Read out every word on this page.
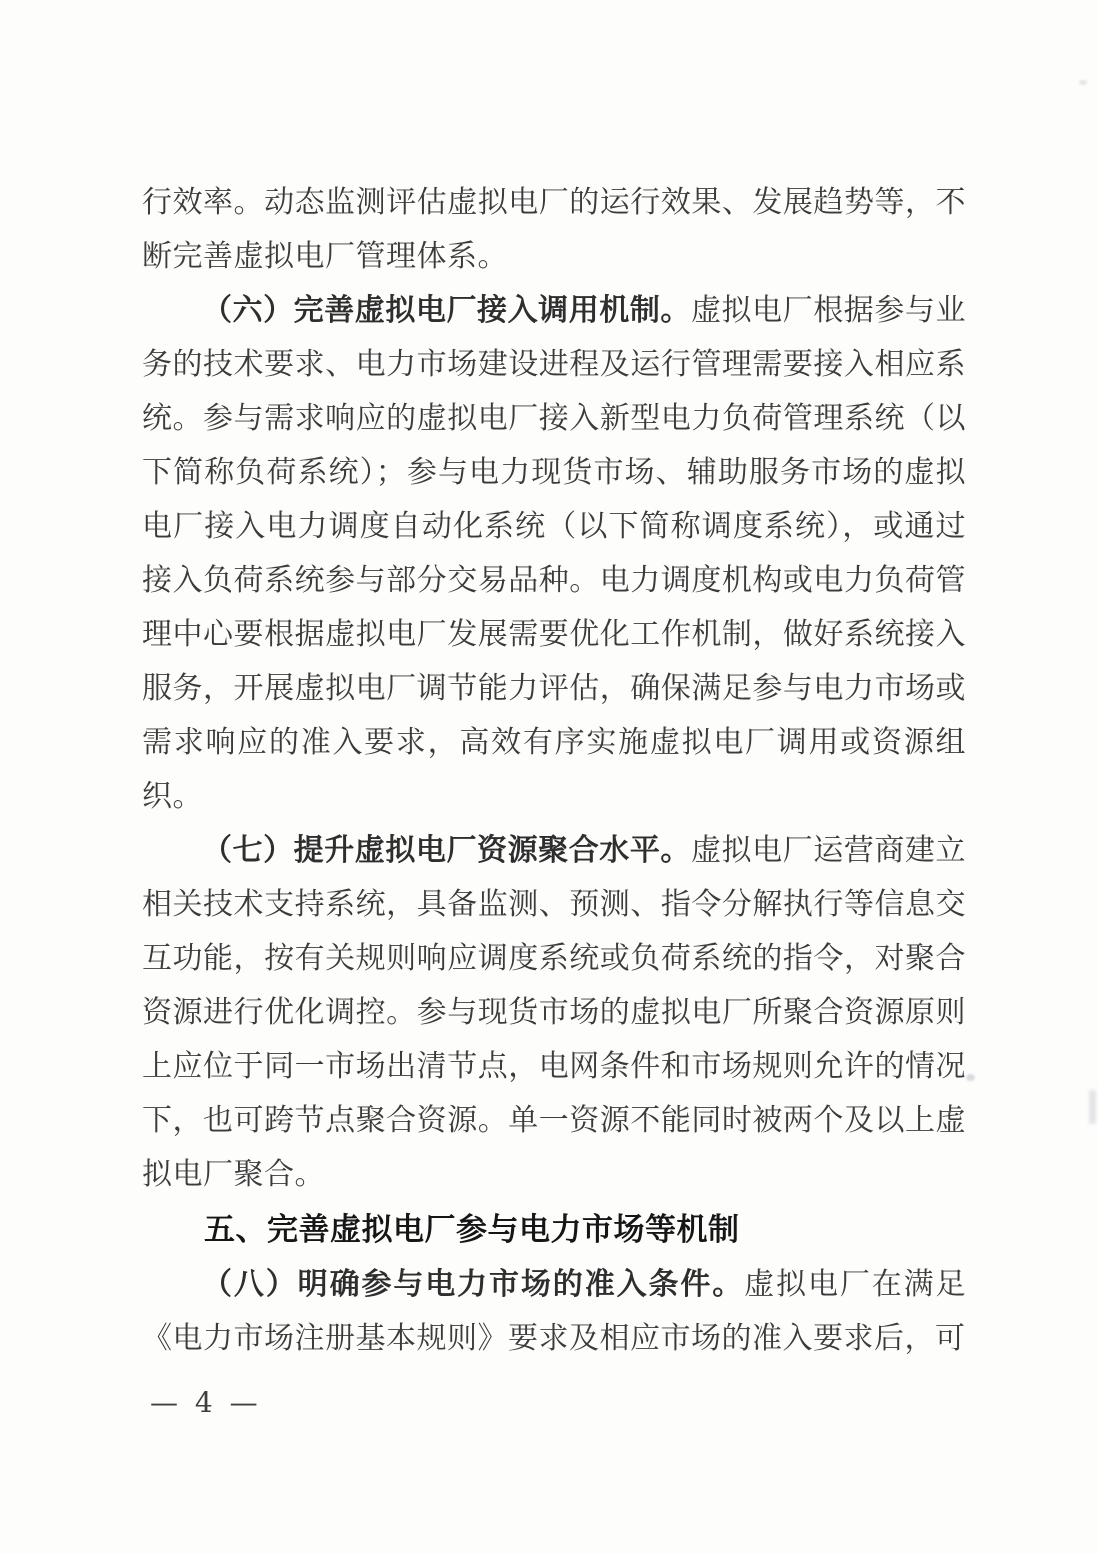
行效率。动态监测评估虚拟电厂的运行效果、发展趋势等，不断完善虚拟电厂管理体系。

（六）完善虚拟电厂接入调用机制。虚拟电厂根据参与业务的技术要求、电力市场建设进程及运行管理需要接入相应系统。参与需求响应的虚拟电厂接入新型电力负荷管理系统（以下简称负荷系统）；参与电力现货市场、辅助服务市场的虚拟电厂接入电力调度自动化系统（以下简称调度系统），或通过接入负荷系统参与部分交易品种。电力调度机构或电力负荷管理中心要根据虚拟电厂发展需要优化工作机制，做好系统接入服务，开展虚拟电厂调节能力评估，确保满足参与电力市场或需求响应的准入要求，高效有序实施虚拟电厂调用或资源组织。

（七）提升虚拟电厂资源聚合水平。虚拟电厂运营商建立相关技术支持系统，具备监测、预测、指令分解执行等信息交互功能，按有关规则响应调度系统或负荷系统的指令，对聚合资源进行优化调控。参与现货市场的虚拟电厂所聚合资源原则上应位于同一市场出清节点，电网条件和市场规则允许的情况下，也可跨节点聚合资源。单一资源不能同时被两个及以上虚拟电厂聚合。

五、完善虚拟电厂参与电力市场等机制

（八）明确参与电力市场的准入条件。虚拟电厂在满足《电力市场注册基本规则》要求及相应市场的准入要求后，可

— 4 —
